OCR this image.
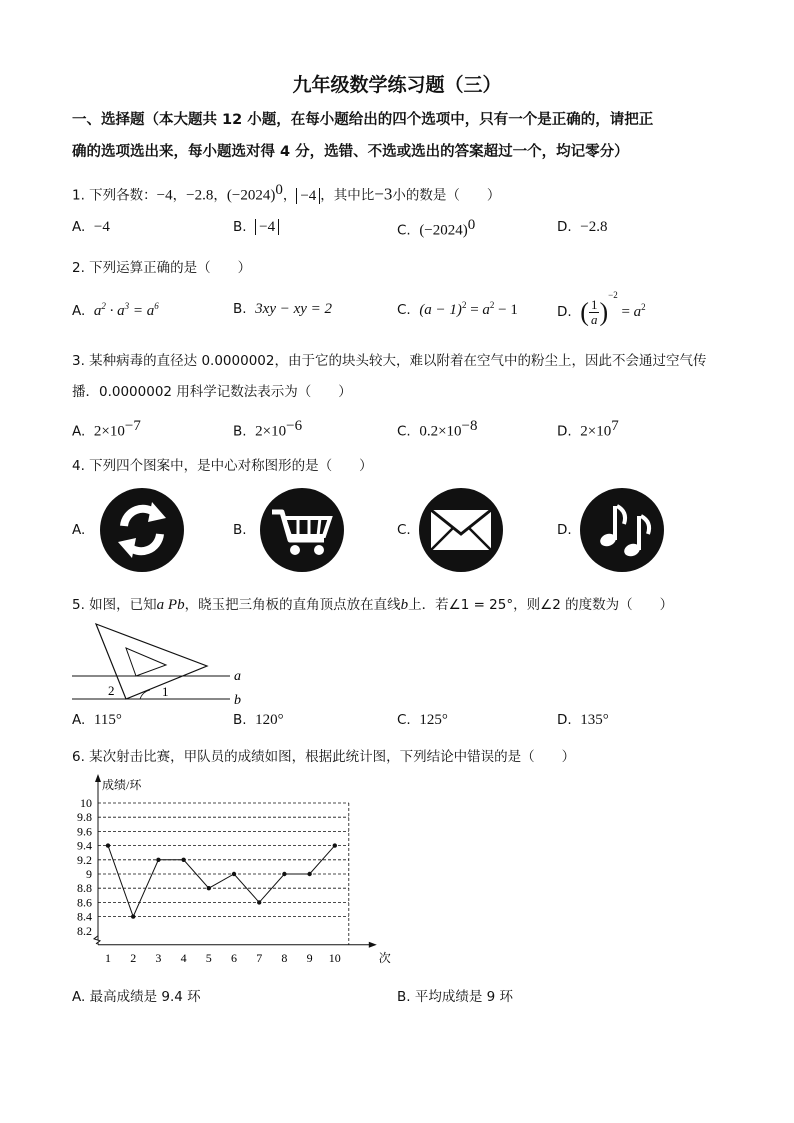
九年级数学练习题（三）
一、选择题（本大题共 12 小题，在每小题给出的四个选项中，只有一个是正确的，请把正
确的选项选出来，每小题选对得 4 分，选错、不选或选出的答案超过一个，均记零分）
1. 下列各数：−4，−2.8，$(-2024)^0$， −4 ，其中比−3小的数是（　　）
A. −4	B. −4	C. $(-2024)^0$	D. −2.8
2. 下列运算正确的是（　　）
A. $a^2 \cdot a^3 = a^6$	B. 3xy − xy = 2	C. $(a - 1)^2 = a^2 - 1$	D. ( $\frac{1}{a} )^{-2} = a^2$
3. 某种病毒的直径达 0.0000002，由于它的块头较大，难以附着在空气中的粉尘上，因此不会通过空气传
播．0.0000002 用科学记数法表示为（　　）
A. $2\times 10^{-7}$	B. $2\times 10^{-6}$	C. $0.2\times 10^{-8}$	D. $2\times 10^7$
4. 下列四个图案中，是中心对称图形的是（　　）
A.	B.	C.	D.
5. 如图，已知a Pb，晓玉把三角板的直角顶点放在直线b上．若∠1 = 25°，则∠2 的度数为（　　）
a
b
1
2
A. 115°	B. 120°	C. 125°	D. 135°
6. 某次射击比赛，甲队员的成绩如图，根据此统计图，下列结论中错误的是（　　）
成绩/环
8.2
8.4
8.6
8.8
9
9.2
9.4
9.6
9.8
10
1 2 3 4 5 6 7 8 9 10	次
A. 最高成绩是 9.4 环	B. 平均成绩是 9 环
